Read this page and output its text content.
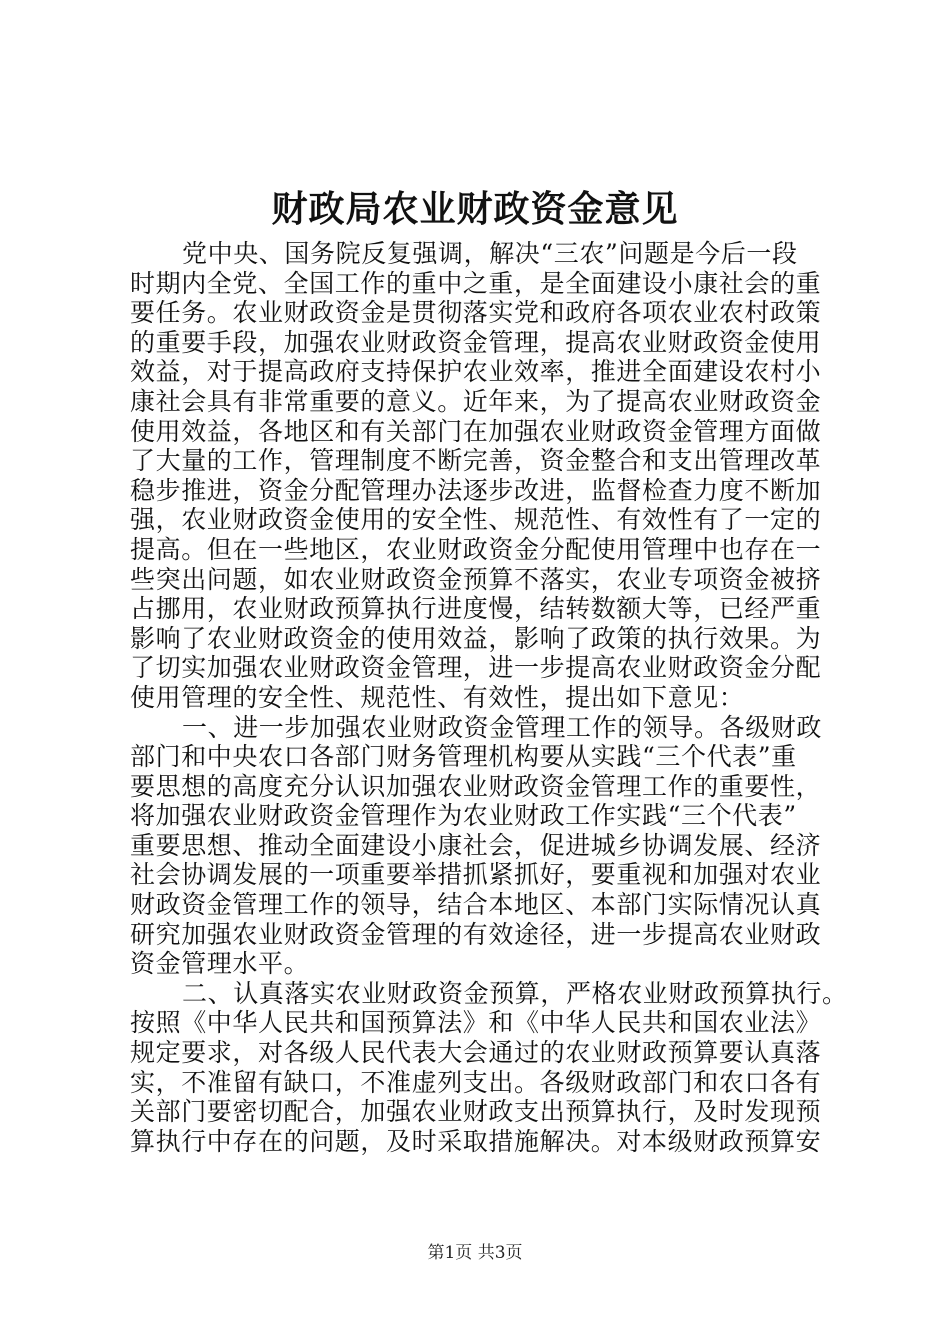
财政局农业财政资金意见
党中央、国务院反复强调，解决“三农”问题是今后一段
时期内全党、全国工作的重中之重，是全面建设小康社会的重
要任务。农业财政资金是贯彻落实党和政府各项农业农村政策
的重要手段，加强农业财政资金管理，提高农业财政资金使用
效益，对于提高政府支持保护农业效率，推进全面建设农村小
康社会具有非常重要的意义。近年来，为了提高农业财政资金
使用效益，各地区和有关部门在加强农业财政资金管理方面做
了大量的工作，管理制度不断完善，资金整合和支出管理改革
稳步推进，资金分配管理办法逐步改进，监督检查力度不断加
强，农业财政资金使用的安全性、规范性、有效性有了一定的
提高。但在一些地区，农业财政资金分配使用管理中也存在一
些突出问题，如农业财政资金预算不落实，农业专项资金被挤
占挪用，农业财政预算执行进度慢，结转数额大等，已经严重
影响了农业财政资金的使用效益，影响了政策的执行效果。为
了切实加强农业财政资金管理，进一步提高农业财政资金分配
使用管理的安全性、规范性、有效性，提出如下意见：
一、进一步加强农业财政资金管理工作的领导。各级财政
部门和中央农口各部门财务管理机构要从实践“三个代表”重
要思想的高度充分认识加强农业财政资金管理工作的重要性，
将加强农业财政资金管理作为农业财政工作实践“三个代表”
重要思想、推动全面建设小康社会，促进城乡协调发展、经济
社会协调发展的一项重要举措抓紧抓好，要重视和加强对农业
财政资金管理工作的领导，结合本地区、本部门实际情况认真
研究加强农业财政资金管理的有效途径，进一步提高农业财政
资金管理水平。
二、认真落实农业财政资金预算，严格农业财政预算执行。
按照《中华人民共和国预算法》和《中华人民共和国农业法》
规定要求，对各级人民代表大会通过的农业财政预算要认真落
实，不准留有缺口，不准虚列支出。各级财政部门和农口各有
关部门要密切配合，加强农业财政支出预算执行，及时发现预
算执行中存在的问题，及时采取措施解决。对本级财政预算安
第1页 共3页
